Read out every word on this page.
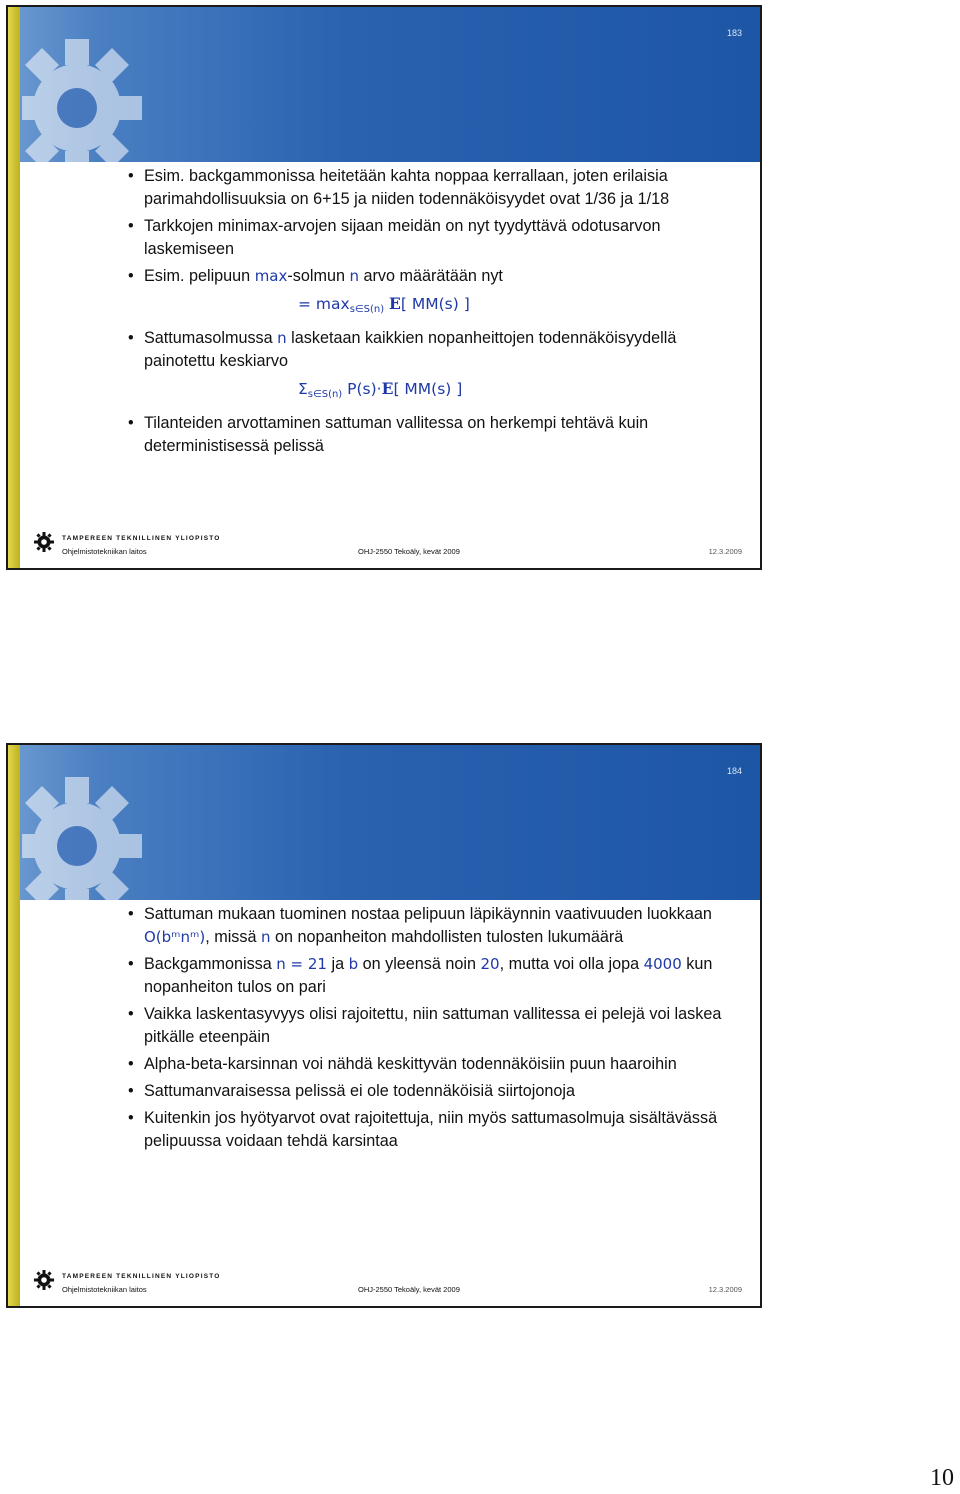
183
• Esim. backgammonissa heitetään kahta noppaa kerrallaan, joten erilaisia parimahdollisuuksia on 6+15 ja niiden todennäköisyydet ovat 1/36 ja 1/18
• Tarkkojen minimax-arvojen sijaan meidän on nyt tyydyttävä odotusarvon laskemiseen
• Esim. pelipuun max-solmun n arvo määrätään nyt
= $\max_{s\in S(n)} E$[ MM(s) ]
• Sattumasolmussa n lasketaan kaikkien nopanheittojen todennäköisyydellä painotettu keskiarvo
$\Sigma_{s\in S(n)}$ P(s)·E[ MM(s) ]
• Tilanteiden arvottaminen sattuman vallitessa on herkempi tehtävä kuin deterministisessä pelissä
TAMPEREEN TEKNILLINEN YLIOPISTO
Ohjelmistotekniikan laitos	OHJ-2550 Tekoäly, kevät 2009	12.3.2009
184
• Sattuman mukaan tuominen nostaa pelipuun läpikäynnin vaativuuden luokkaan O(bᵐnᵐ), missä n on nopanheiton mahdollisten tulosten lukumäärä
• Backgammonissa n = 21 ja b on yleensä noin 20, mutta voi olla jopa 4000 kun nopanheiton tulos on pari
• Vaikka laskentasyvyys olisi rajoitettu, niin sattuman vallitessa ei pelejä voi laskea pitkälle eteenpäin
• Alpha-beta-karsinnan voi nähdä keskittyvän todennäköisiin puun haaroihin
• Sattumanvaraisessa pelissä ei ole todennäköisiä siirtojonoja
• Kuitenkin jos hyötyarvot ovat rajoitettuja, niin myös sattumasolmuja sisältävässä pelipuussa voidaan tehdä karsintaa
TAMPEREEN TEKNILLINEN YLIOPISTO
Ohjelmistotekniikan laitos	OHJ-2550 Tekoäly, kevät 2009	12.3.2009
10
